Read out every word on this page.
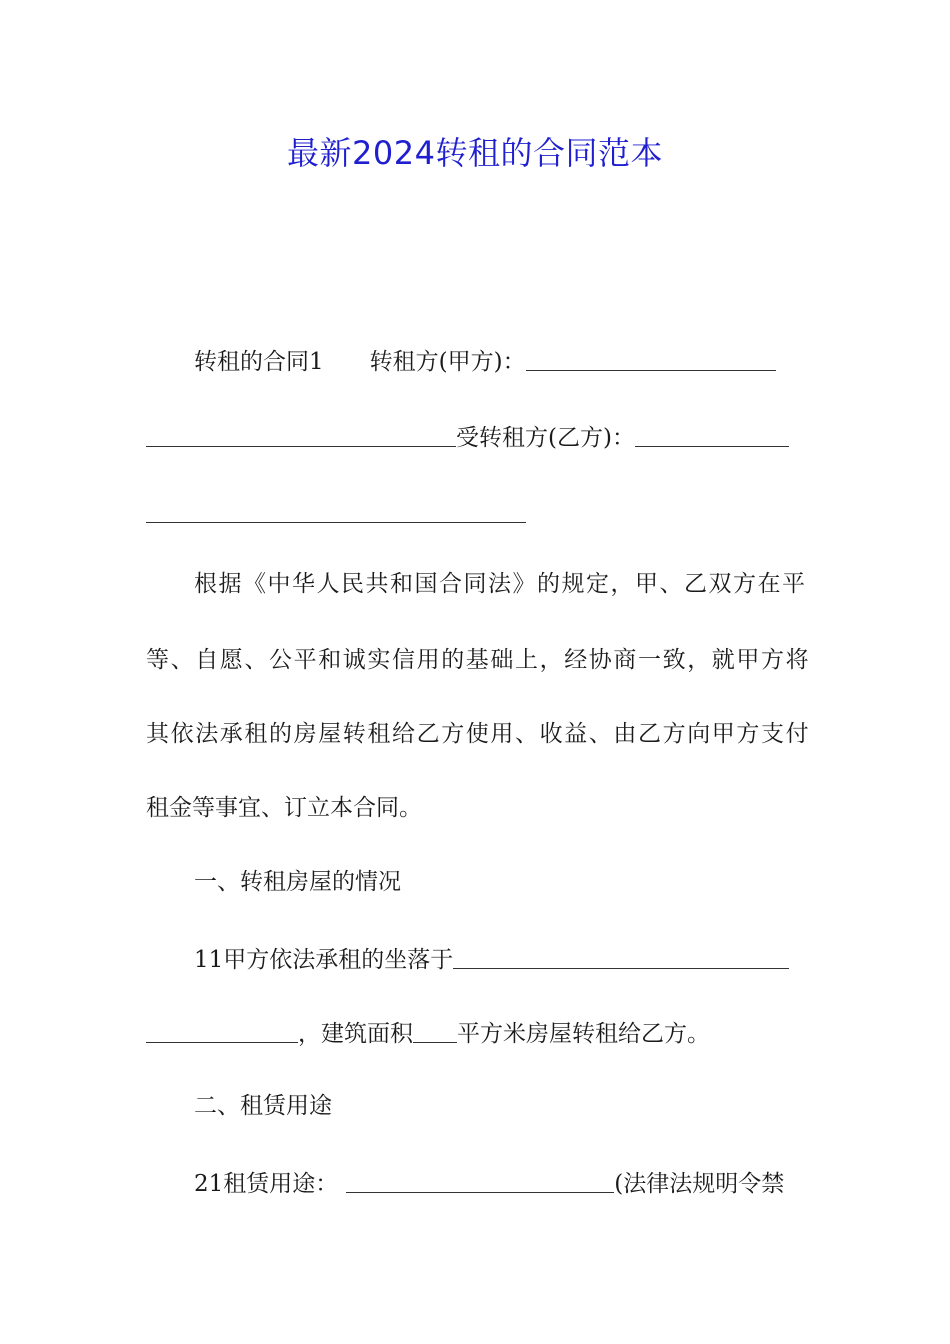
最新2024转租的合同范本
转租的合同1 转租方(甲方)：
受转租方(乙方)：
根据《中华人民共和国合同法》的规定，甲、乙双方在平
等、自愿、公平和诚实信用的基础上，经协商一致，就甲方将
其依法承租的房屋转租给乙方使用、收益、由乙方向甲方支付
租金等事宜、订立本合同。
一、转租房屋的情况
11甲方依法承租的坐落于
，建筑面积 平方米房屋转租给乙方。
二、租赁用途
21租赁用途：	(法律法规明令禁
